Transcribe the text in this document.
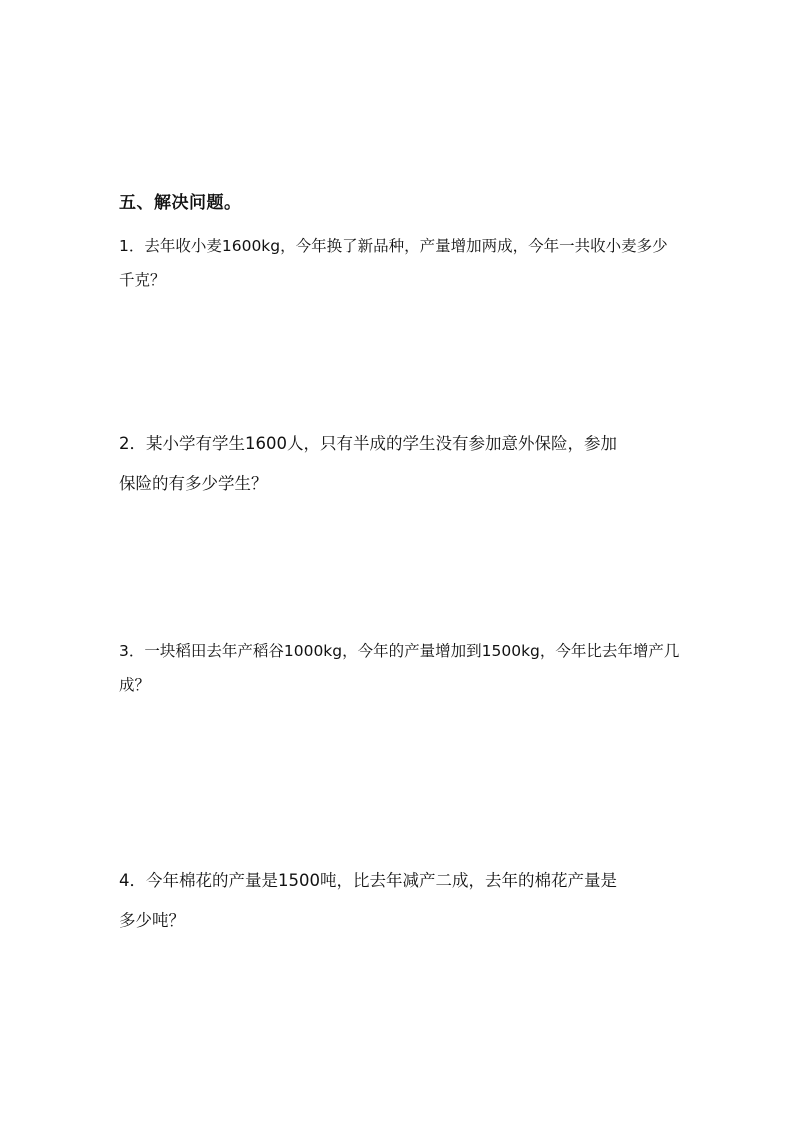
五、解决问题。
1．去年收小麦1600kg，今年换了新品种，产量增加两成，今年一共收小麦多少
千克？
2．某小学有学生1600人，只有半成的学生没有参加意外保险，参加
保险的有多少学生？
3．一块稻田去年产稻谷1000kg，今年的产量增加到1500kg，今年比去年增产几
成？
4．今年棉花的产量是1500吨，比去年减产二成，去年的棉花产量是
多少吨？
